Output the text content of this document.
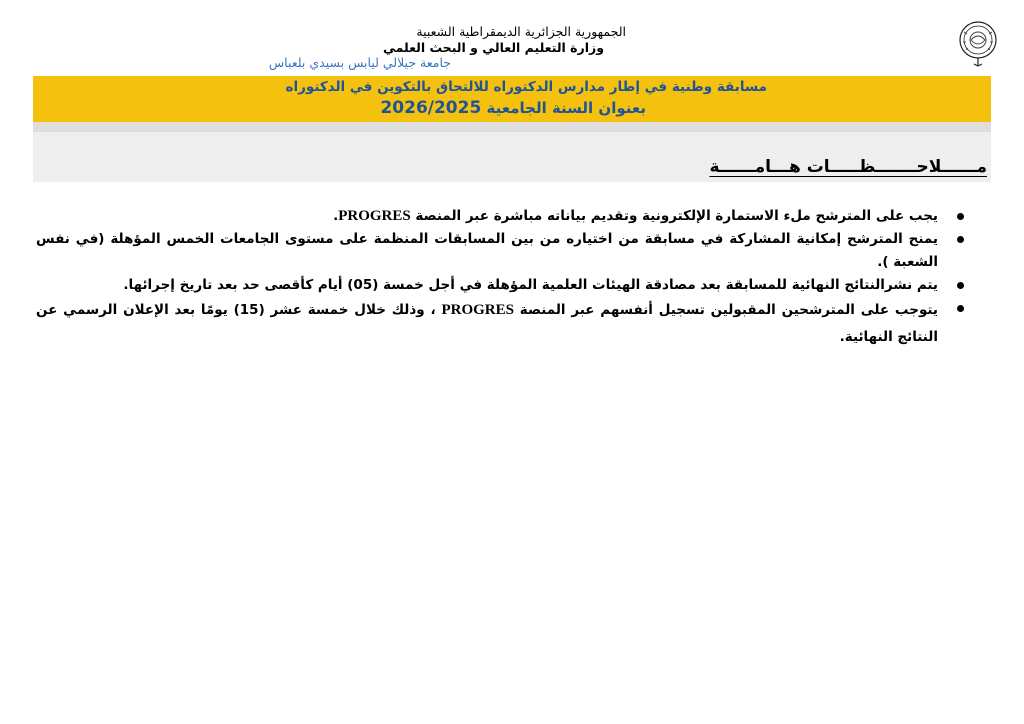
الجمهورية الجزائرية الديمقراطية الشعبية
وزارة التعليم العالي و البحث العلمي
جامعة جيلالي ليابس بسيدي بلعباس
مسابقة وطنية في إطار مدارس الدكتوراه للالتحاق بالتكوين في الدكتوراه
بعنوان السنة الجامعية 2026/2025
مــــــلاحـــــــظـــــات هـــامــــــة
يجب على المترشح ملء الاستمارة الإلكترونية وتقديم بياناته مباشرة عبر المنصة PROGRES.
يمنح المترشح إمكانية المشاركة في مسابقة من اختياره من بين المسابقات المنظمة على مستوى الجامعات الخمس المؤهلة (في نفس الشعبة ).
يتم نشرالنتائج النهائية للمسابقة بعد مصادقة الهيئات العلمية المؤهلة في أجل خمسة (05) أيام كأقصى حد بعد تاريخ إجرائها.
يتوجب على المترشحين المقبولين تسجيل أنفسهم عبر المنصة PROGRES ، وذلك خلال خمسة عشر (15) يومًا بعد الإعلان الرسمي عن النتائج النهائية.
